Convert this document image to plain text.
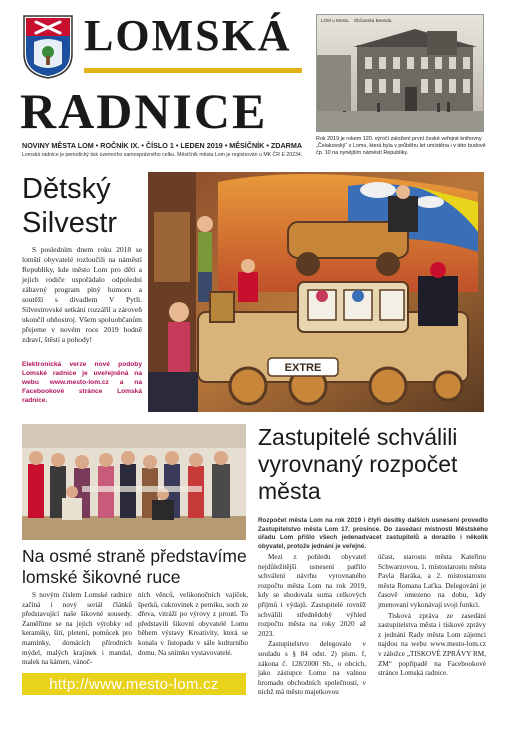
LOMSKÁ
RADNICE
NOVINY MĚSTA LOM • ROČNÍK IX. • ČÍSLO 1 • LEDEN 2019 • MĚSÍČNÍK • ZDARMA
Lomská radnice je periodický tisk územního samosprávného celku. Měsíčník města Lom je registrován u MK ČR E 20234.
LOM u Mostu.   Občanská Beseda.
Rok 2019 je rokem 120. výročí založení první české veřejné knihovny „Čelakovský“ v Lomu, která byla v průběhu let umístěna i v této budově čp. 10 na nynějším náměstí Republiky.
Dětský Silvestr
S posledním dnem roku 2018 se lomští obyvatelé rozloučili na náměstí Republiky, kde město Lom pro děti a jejich rodiče uspořádalo odpolední zábavný program plný humoru a soutěží s divadlem V Pytli. Silvestrovské setkání rozzářil a zároveň ukončil ohňostroj. Všem spoluobčanům přejeme v novém roce 2019 hodně zdraví, štěstí a pohody!
Elektronická verze nové podoby Lomské radnice je uveřejněná na webu www.mesto-lom.cz a na Facebookové stránce Lomská radnice.
EXTRE
Na osmé straně představíme lomské šikovné ruce
S novým číslem Lomské radnice začíná i nový seriál článků představující naše šikovné sousedy. Zaměříme se na jejich výrobky od keramiky, šití, pletení, pomůcek pro maminky, domácích přírodních mýdel, malých krajinek i mandal, malek na kámen, vánoč-
ních věnců, velikonočních vajíček, šperků, cukrovinek z perníku, soch ze dřeva, vitráží po výrovy z proutí. To představili šikovní obyvatelé Lomu během výstavy Kreativity, která se konala v listopadu v sále kulturního domu. Na snímku vystavovatelé.
http://www.mesto-lom.cz
Zastupitelé schválili vyrovnaný rozpočet města
Rozpočet města Lom na rok 2019 i čtyři desítky dalších usnesení provedlo Zastupitelstvo města Lom 17. prosince. Do zasedací místnosti Městského úřadu Lom přišlo všech jedenadvacet zastupitelů a dorazilo i několik obyvatel, protože jednání je veřejné.

Mezi z pohledu obyvatel nejdůležitější usnesení patřilo schválení návrhu vyrovnaného rozpočtu města Lom na rok 2019, kdy se shodovala suma celkových příjmů i výdajů. Zastupitelé rovněž schválili střednědobý výhled rozpočtu města na roky 2020 až 2023.

Zastupitelstvo delegovalo v souladu s § 84 odst. 2) písm. f, zákona č. 128/2000 Sb., o obcích, jako zástupce Lomu na valnou hromadu obchodních společností, v nichž má město majetkovou

účast, starostu města Kateřinu Schwarzovou, 1. místostarostu města Pavla Baráka, a 2. místostarostu města Romana Laťka. Delegování je časově omezeno na dobu, kdy jmenovaní vykonávají svoji funkci.

Tisková zpráva ze zasedání zastupitelstva města i tiskové zprávy z jednání Rady města Lom zájemci najdou na webu www.mesto-lom.cz v záložce „TISKOVÉ ZPRÁVY RM, ZM“ popřípadě na Facebookové stránce Lomská radnice.
